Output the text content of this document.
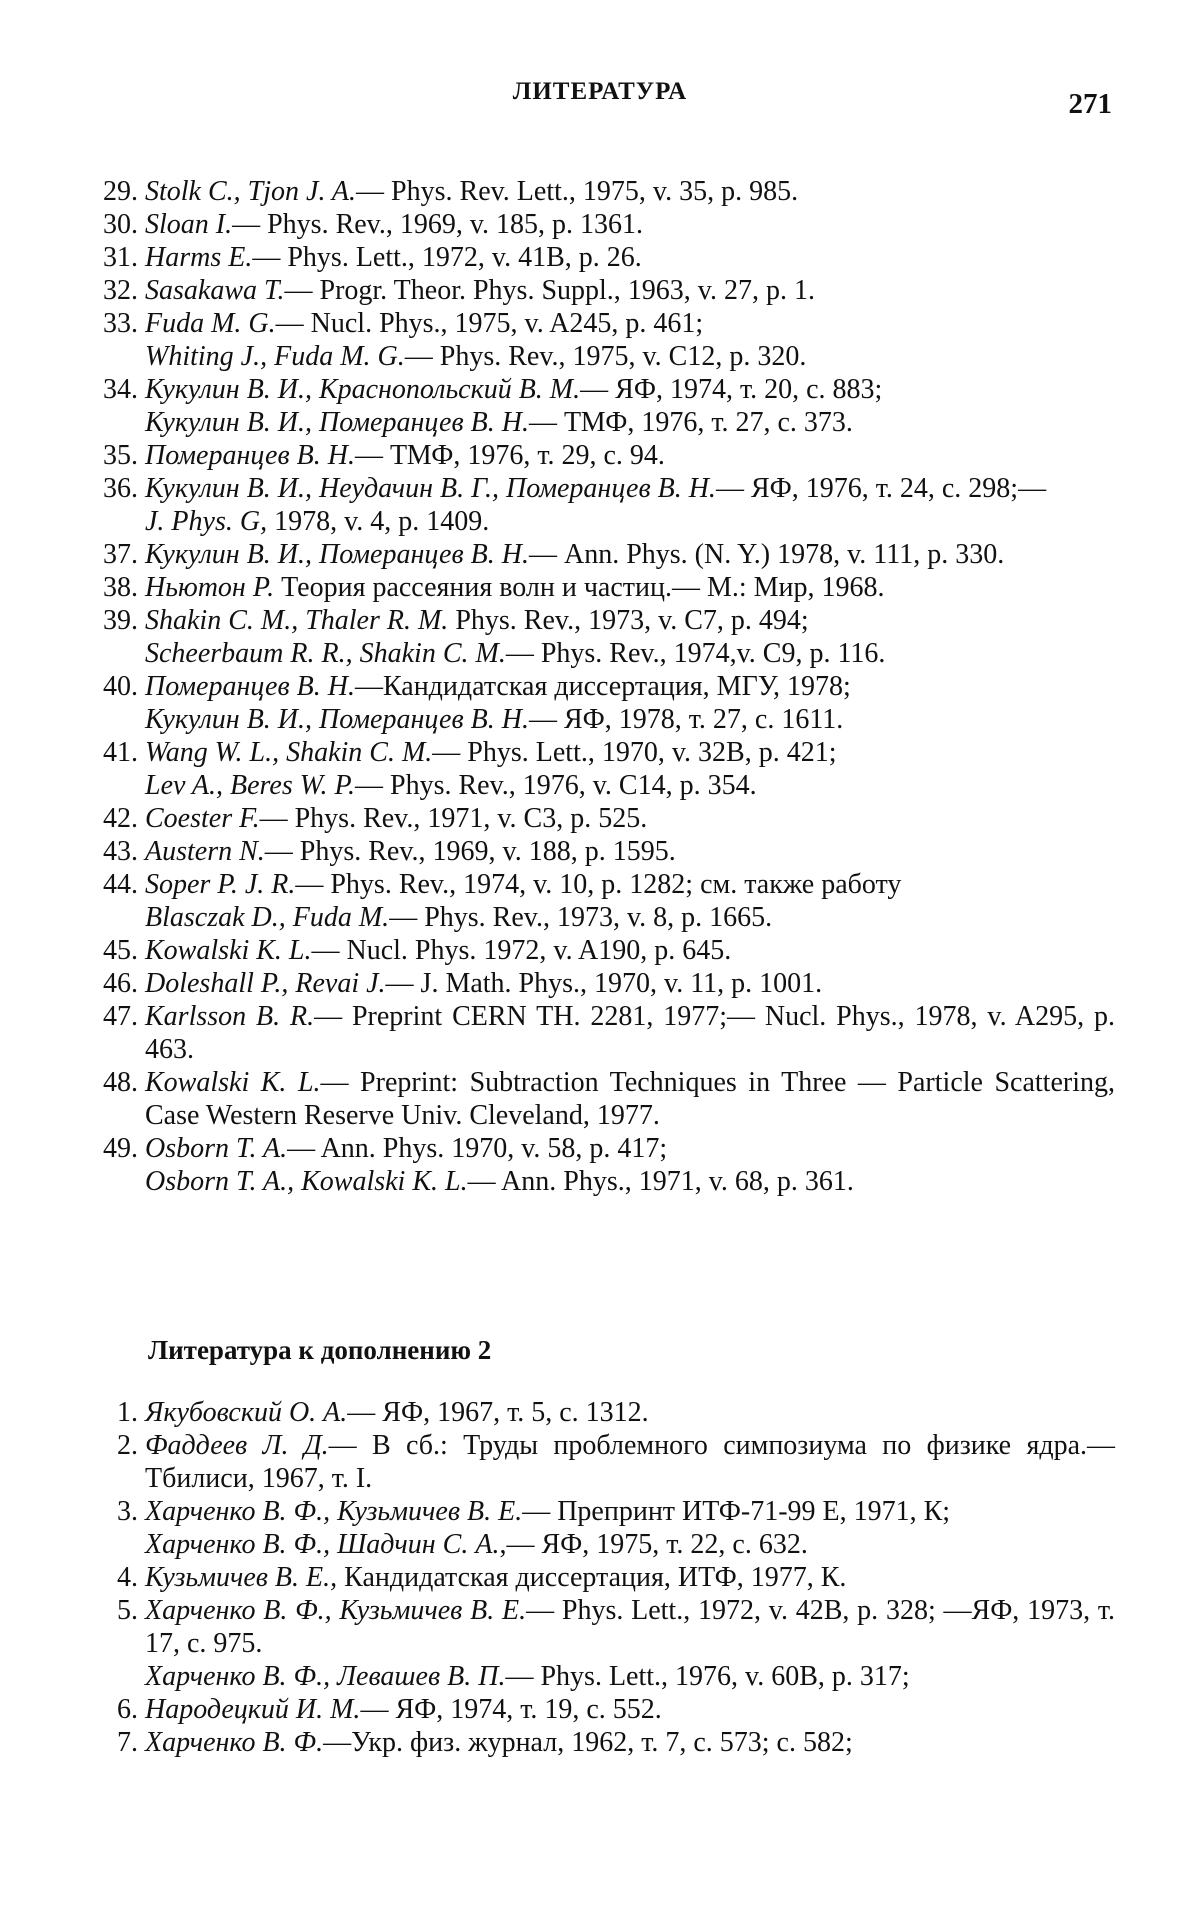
ЛИТЕРАТУРА	271
29. Stolk C., Tjon J. A.— Phys. Rev. Lett., 1975, v. 35, p. 985.
30. Sloan I.— Phys. Rev., 1969, v. 185, p. 1361.
31. Harms E.— Phys. Lett., 1972, v. 41B, p. 26.
32. Sasakawa T.— Progr. Theor. Phys. Suppl., 1963, v. 27, p. 1.
33. Fuda M. G.— Nucl. Phys., 1975, v. A245, p. 461;
Whiting J., Fuda M. G.— Phys. Rev., 1975, v. C12, p. 320.
34. Кукулин В. И., Краснопольский В. М.— ЯФ, 1974, т. 20, с. 883;
Кукулин В. И., Померанцев В. Н.— ТМФ, 1976, т. 27, с. 373.
35. Померанцев В. Н.— ТМФ, 1976, т. 29, с. 94.
36. Кукулин В. И., Неудачин В. Г., Померанцев В. Н.— ЯФ, 1976, т. 24, с. 298;—
J. Phys. G, 1978, v. 4, p. 1409.
37. Кукулин В. И., Померанцев В. Н.— Ann. Phys. (N. Y.) 1978, v. 111, p. 330.
38. Ньютон Р. Теория рассеяния волн и частиц.— М.: Мир, 1968.
39. Shakin C. M., Thaler R. M. Phys. Rev., 1973, v. C7, p. 494;
Scheerbaum R. R., Shakin C. M.— Phys. Rev., 1974,v. C9, p. 116.
40. Померанцев В. Н.—Кандидатская диссертация, МГУ, 1978;
Кукулин В. И., Померанцев В. Н.— ЯФ, 1978, т. 27, с. 1611.
41. Wang W. L., Shakin C. M.— Phys. Lett., 1970, v. 32B, p. 421;
Lev A., Beres W. P.— Phys. Rev., 1976, v. C14, p. 354.
42. Coester F.— Phys. Rev., 1971, v. C3, p. 525.
43. Austern N.— Phys. Rev., 1969, v. 188, p. 1595.
44. Soper P. J. R.— Phys. Rev., 1974, v. 10, p. 1282; см. также работу
Blasczak D., Fuda M.— Phys. Rev., 1973, v. 8, p. 1665.
45. Kowalski K. L.— Nucl. Phys. 1972, v. A190, p. 645.
46. Doleshall P., Revai J.— J. Math. Phys., 1970, v. 11, p. 1001.
47. Karlsson B. R.— Preprint CERN TH. 2281, 1977;— Nucl. Phys., 1978, v. A295, p. 463.
48. Kowalski K. L.— Preprint: Subtraction Techniques in Three — Particle Scattering, Case Western Reserve Univ. Cleveland, 1977.
49. Osborn T. A.— Ann. Phys. 1970, v. 58, p. 417;
Osborn T. A., Kowalski K. L.— Ann. Phys., 1971, v. 68, p. 361.
Литература к дополнению 2
1. Якубовский О. А.— ЯФ, 1967, т. 5, с. 1312.
2. Фаддеев Л. Д.— В сб.: Труды проблемного симпозиума по физике ядра.— Тбилиси, 1967, т. I.
3. Харченко В. Ф., Кузьмичев В. Е.— Препринт ИТФ-71-99 Е, 1971, К;
Харченко В. Ф., Шадчин С. А.,— ЯФ, 1975, т. 22, с. 632.
4. Кузьмичев В. Е., Кандидатская диссертация, ИТФ, 1977, К.
5. Харченко В. Ф., Кузьмичев В. Е.— Phys. Lett., 1972, v. 42B, p. 328; —ЯФ, 1973, т. 17, с. 975.
Харченко В. Ф., Левашев В. П.— Phys. Lett., 1976, v. 60B, p. 317;
6. Народецкий И. М.— ЯФ, 1974, т. 19, с. 552.
7. Харченко В. Ф.—Укр. физ. журнал, 1962, т. 7, с. 573; с. 582;
